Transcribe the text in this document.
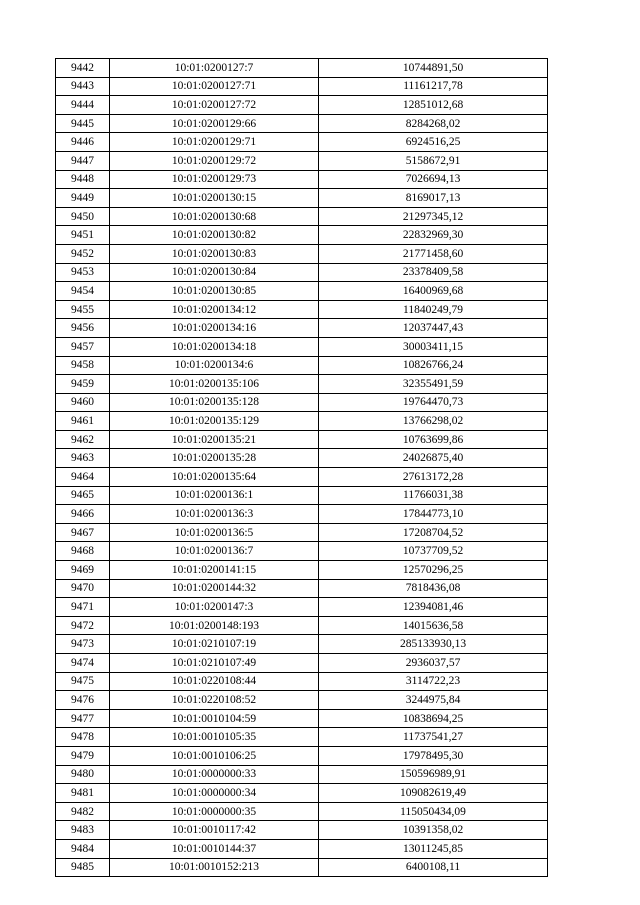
9442	10:01:0200127:7	10744891,50
9443	10:01:0200127:71	11161217,78
9444	10:01:0200127:72	12851012,68
9445	10:01:0200129:66	8284268,02
9446	10:01:0200129:71	6924516,25
9447	10:01:0200129:72	5158672,91
9448	10:01:0200129:73	7026694,13
9449	10:01:0200130:15	8169017,13
9450	10:01:0200130:68	21297345,12
9451	10:01:0200130:82	22832969,30
9452	10:01:0200130:83	21771458,60
9453	10:01:0200130:84	23378409,58
9454	10:01:0200130:85	16400969,68
9455	10:01:0200134:12	11840249,79
9456	10:01:0200134:16	12037447,43
9457	10:01:0200134:18	30003411,15
9458	10:01:0200134:6	10826766,24
9459	10:01:0200135:106	32355491,59
9460	10:01:0200135:128	19764470,73
9461	10:01:0200135:129	13766298,02
9462	10:01:0200135:21	10763699,86
9463	10:01:0200135:28	24026875,40
9464	10:01:0200135:64	27613172,28
9465	10:01:0200136:1	11766031,38
9466	10:01:0200136:3	17844773,10
9467	10:01:0200136:5	17208704,52
9468	10:01:0200136:7	10737709,52
9469	10:01:0200141:15	12570296,25
9470	10:01:0200144:32	7818436,08
9471	10:01:0200147:3	12394081,46
9472	10:01:0200148:193	14015636,58
9473	10:01:0210107:19	285133930,13
9474	10:01:0210107:49	2936037,57
9475	10:01:0220108:44	3114722,23
9476	10:01:0220108:52	3244975,84
9477	10:01:0010104:59	10838694,25
9478	10:01:0010105:35	11737541,27
9479	10:01:0010106:25	17978495,30
9480	10:01:0000000:33	150596989,91
9481	10:01:0000000:34	109082619,49
9482	10:01:0000000:35	115050434,09
9483	10:01:0010117:42	10391358,02
9484	10:01:0010144:37	13011245,85
9485	10:01:0010152:213	6400108,11
